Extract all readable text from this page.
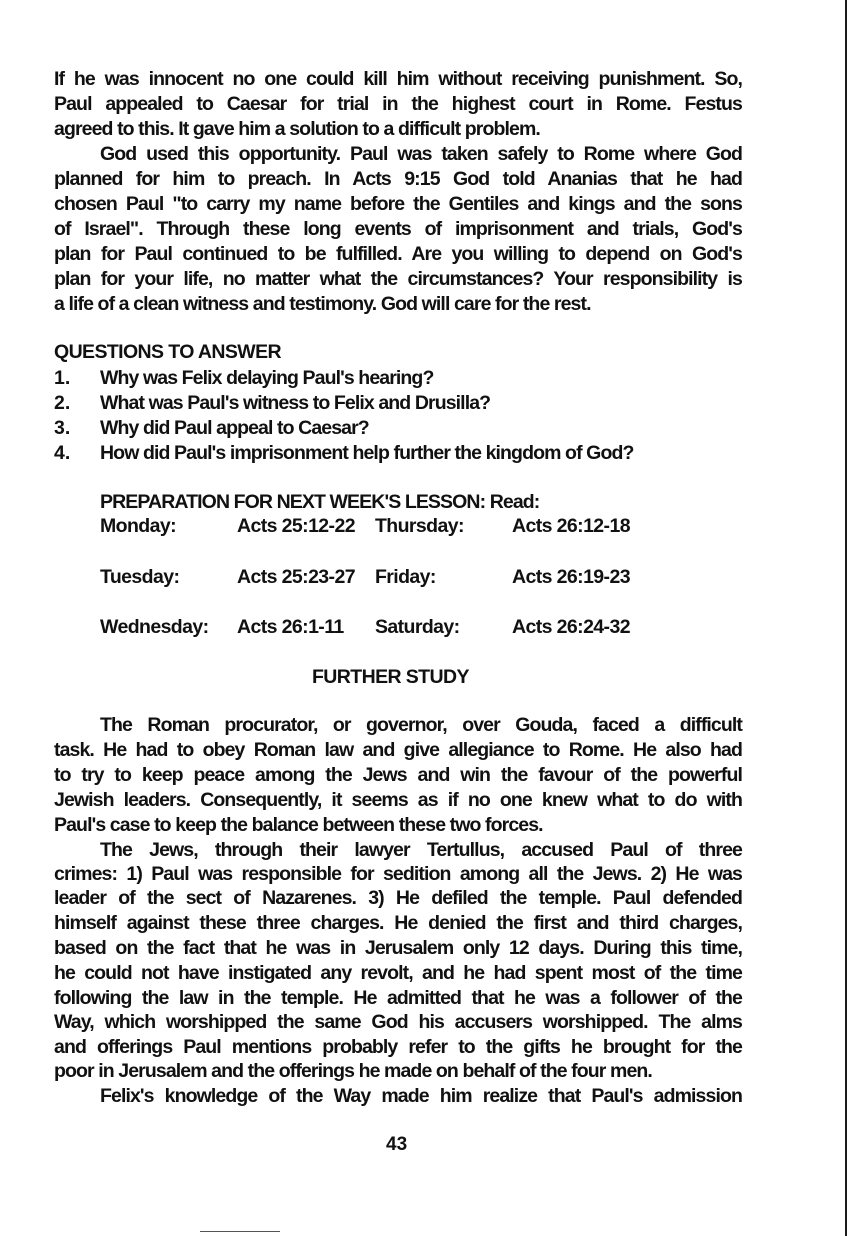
If he was innocent no one could kill him without receiving punishment. So,
Paul appealed to Caesar for trial in the highest court in Rome. Festus
agreed to this. It gave him a solution to a difficult problem.
God used this opportunity. Paul was taken safely to Rome where God
planned for him to preach. In Acts 9:15 God told Ananias that he had
chosen Paul "to carry my name before the Gentiles and kings and the sons
of Israel". Through these long events of imprisonment and trials, God's
plan for Paul continued to be fulfilled. Are you willing to depend on God's
plan for your life, no matter what the circumstances? Your responsibility is
a life of a clean witness and testimony. God will care for the rest.
QUESTIONS TO ANSWER
1. Why was Felix delaying Paul's hearing?
2. What was Paul's witness to Felix and Drusilla?
3. Why did Paul appeal to Caesar?
4. How did Paul's imprisonment help further the kingdom of God?
PREPARATION FOR NEXT WEEK'S LESSON: Read:
Monday:	Acts 25:12-22 Thursday: Acts 26:12-18
Tuesday:	Acts 25:23-27 Friday:	Acts 26:19-23
Wednesday: Acts 26:1-11 Saturday:	Acts 26:24-32
FURTHER STUDY
The Roman procurator, or governor, over Gouda, faced a difficult
task. He had to obey Roman law and give allegiance to Rome. He also had
to try to keep peace among the Jews and win the favour of the powerful
Jewish leaders. Consequently, it seems as if no one knew what to do with
Paul's case to keep the balance between these two forces.
The Jews, through their lawyer Tertullus, accused Paul of three
crimes: 1) Paul was responsible for sedition among all the Jews. 2) He was
leader of the sect of Nazarenes. 3) He defiled the temple. Paul defended
himself against these three charges. He denied the first and third charges,
based on the fact that he was in Jerusalem only 12 days. During this time,
he could not have instigated any revolt, and he had spent most of the time
following the law in the temple. He admitted that he was a follower of the
Way, which worshipped the same God his accusers worshipped. The alms
and offerings Paul mentions probably refer to the gifts he brought for the
poor in Jerusalem and the offerings he made on behalf of the four men.
Felix's knowledge of the Way made him realize that Paul's admission
43
